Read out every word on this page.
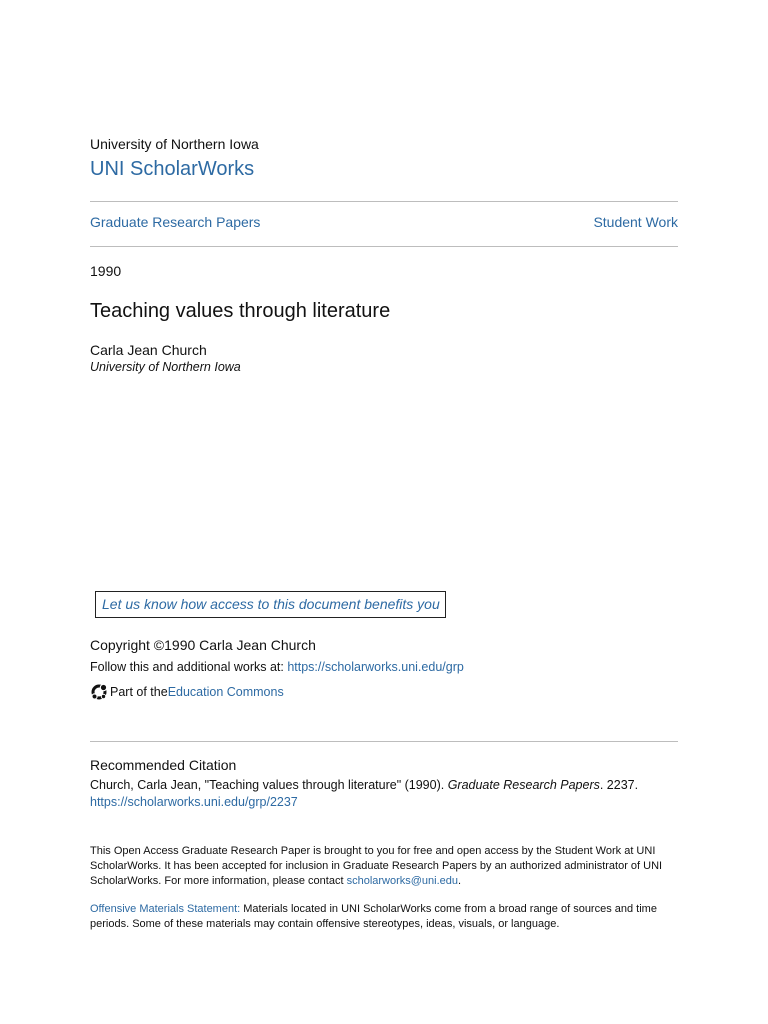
University of Northern Iowa
UNI ScholarWorks
Graduate Research Papers	Student Work
1990
Teaching values through literature
Carla Jean Church
University of Northern Iowa
Let us know how access to this document benefits you
Copyright ©1990 Carla Jean Church
Follow this and additional works at: https://scholarworks.uni.edu/grp
Part of the Education Commons
Recommended Citation
Church, Carla Jean, "Teaching values through literature" (1990). Graduate Research Papers. 2237.
https://scholarworks.uni.edu/grp/2237
This Open Access Graduate Research Paper is brought to you for free and open access by the Student Work at UNI ScholarWorks. It has been accepted for inclusion in Graduate Research Papers by an authorized administrator of UNI ScholarWorks. For more information, please contact scholarworks@uni.edu.
Offensive Materials Statement: Materials located in UNI ScholarWorks come from a broad range of sources and time periods. Some of these materials may contain offensive stereotypes, ideas, visuals, or language.
